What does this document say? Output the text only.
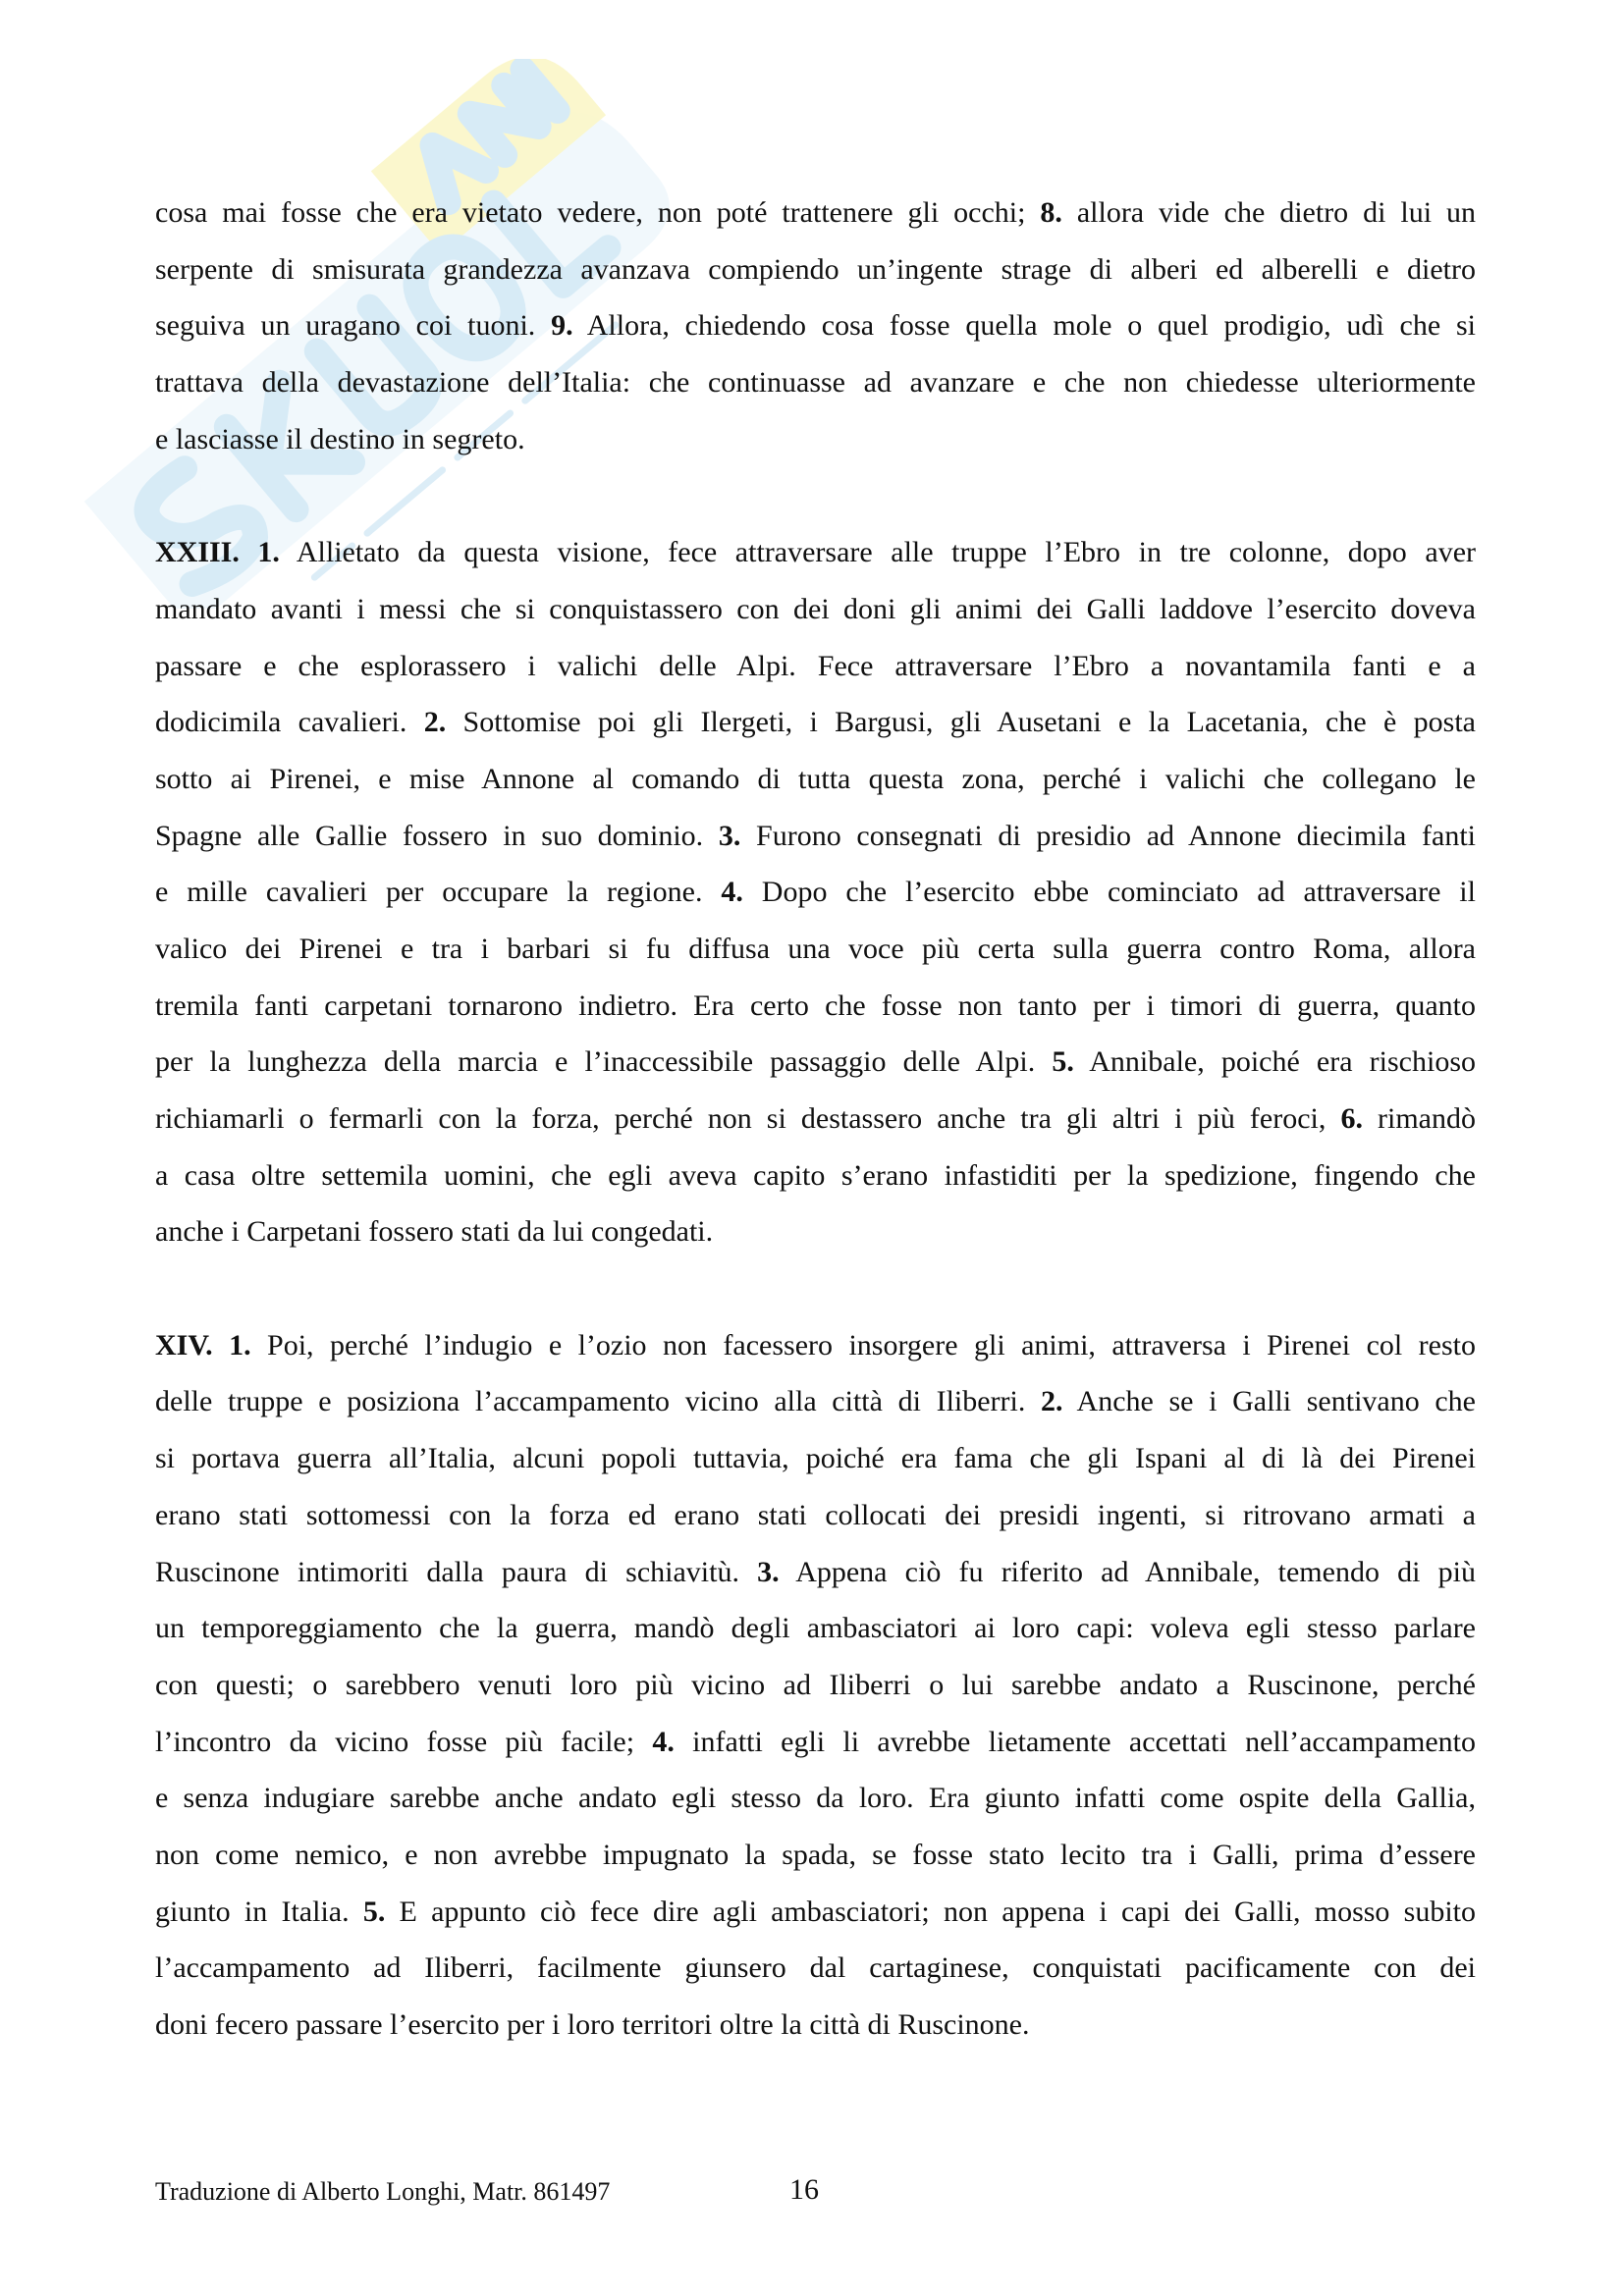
cosa mai fosse che era vietato vedere, non poté trattenere gli occhi; 8. allora vide che dietro di lui un
serpente di smisurata grandezza avanzava compiendo un’ingente strage di alberi ed alberelli e dietro
seguiva un uragano coi tuoni. 9. Allora, chiedendo cosa fosse quella mole o quel prodigio, udì che si
trattava della devastazione dell’Italia: che continuasse ad avanzare e che non chiedesse ulteriormente
e lasciasse il destino in segreto.
XXIII. 1. Allietato da questa visione, fece attraversare alle truppe l’Ebro in tre colonne, dopo aver
mandato avanti i messi che si conquistassero con dei doni gli animi dei Galli laddove l’esercito doveva
passare e che esplorassero i valichi delle Alpi. Fece attraversare l’Ebro a novantamila fanti e a
dodicimila cavalieri. 2. Sottomise poi gli Ilergeti, i Bargusi, gli Ausetani e la Lacetania, che è posta
sotto ai Pirenei, e mise Annone al comando di tutta questa zona, perché i valichi che collegano le
Spagne alle Gallie fossero in suo dominio. 3. Furono consegnati di presidio ad Annone diecimila fanti
e mille cavalieri per occupare la regione. 4. Dopo che l’esercito ebbe cominciato ad attraversare il
valico dei Pirenei e tra i barbari si fu diffusa una voce più certa sulla guerra contro Roma, allora
tremila fanti carpetani tornarono indietro. Era certo che fosse non tanto per i timori di guerra, quanto
per la lunghezza della marcia e l’inaccessibile passaggio delle Alpi. 5. Annibale, poiché era rischioso
richiamarli o fermarli con la forza, perché non si destassero anche tra gli altri i più feroci, 6. rimandò
a casa oltre settemila uomini, che egli aveva capito s’erano infastiditi per la spedizione, fingendo che
anche i Carpetani fossero stati da lui congedati.
XIV. 1. Poi, perché l’indugio e l’ozio non facessero insorgere gli animi, attraversa i Pirenei col resto
delle truppe e posiziona l’accampamento vicino alla città di Iliberri. 2. Anche se i Galli sentivano che
si portava guerra all’Italia, alcuni popoli tuttavia, poiché era fama che gli Ispani al di là dei Pirenei
erano stati sottomessi con la forza ed erano stati collocati dei presidi ingenti, si ritrovano armati a
Ruscinone intimoriti dalla paura di schiavitù. 3. Appena ciò fu riferito ad Annibale, temendo di più
un temporeggiamento che la guerra, mandò degli ambasciatori ai loro capi: voleva egli stesso parlare
con questi; o sarebbero venuti loro più vicino ad Iliberri o lui sarebbe andato a Ruscinone, perché
l’incontro da vicino fosse più facile; 4. infatti egli li avrebbe lietamente accettati nell’accampamento
e senza indugiare sarebbe anche andato egli stesso da loro. Era giunto infatti come ospite della Gallia,
non come nemico, e non avrebbe impugnato la spada, se fosse stato lecito tra i Galli, prima d’essere
giunto in Italia. 5. E appunto ciò fece dire agli ambasciatori; non appena i capi dei Galli, mosso subito
l’accampamento ad Iliberri, facilmente giunsero dal cartaginese, conquistati pacificamente con dei
doni fecero passare l’esercito per i loro territori oltre la città di Ruscinone.
Traduzione di Alberto Longhi, Matr. 861497	16
